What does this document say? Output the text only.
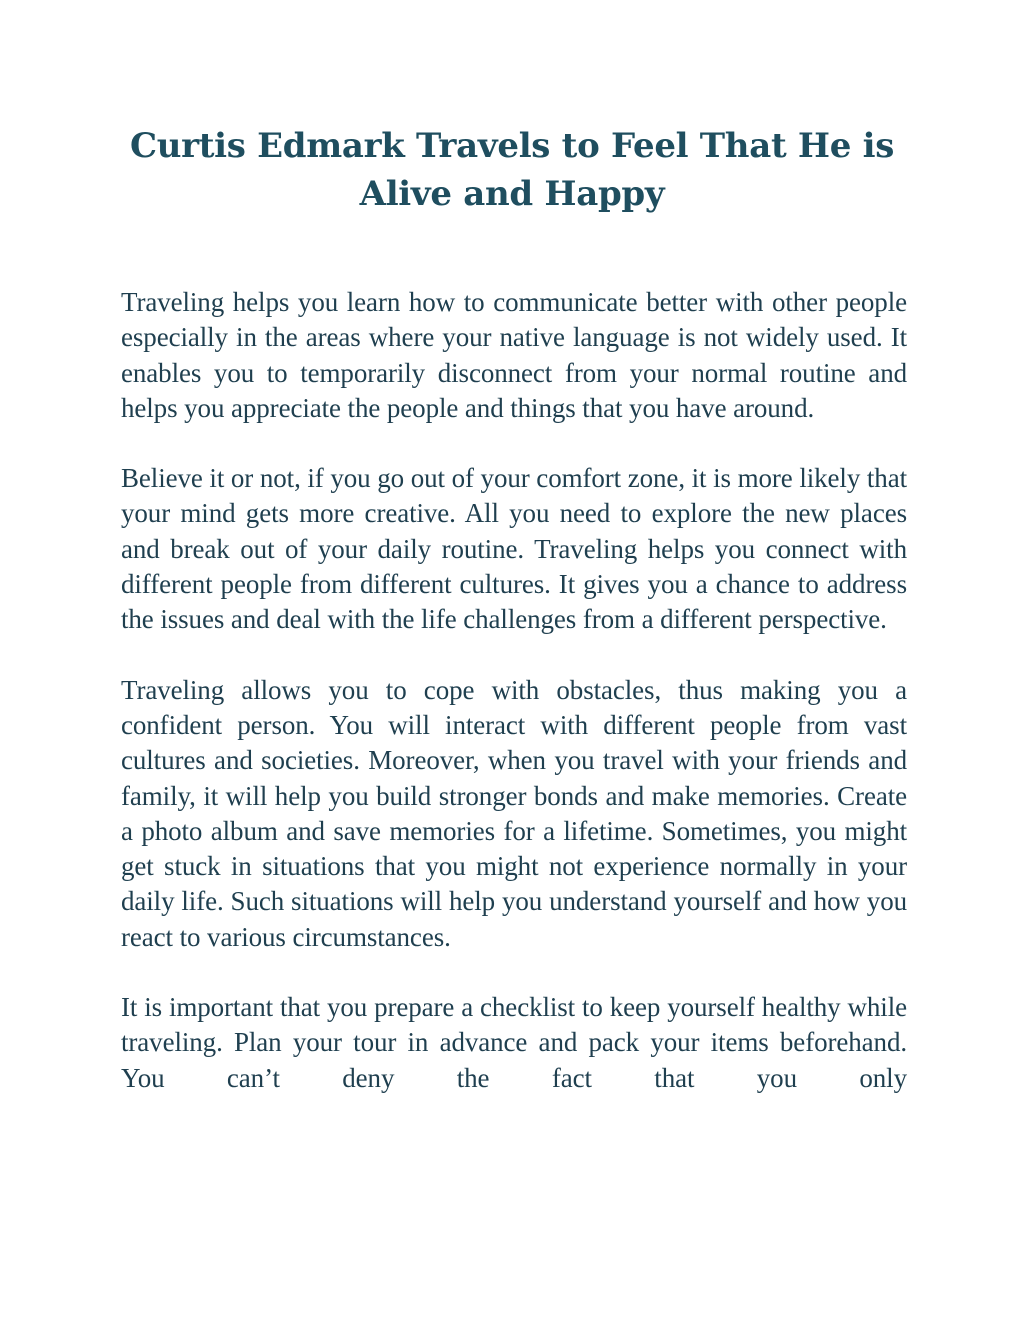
Curtis Edmark Travels to Feel That He is Alive and Happy

Traveling helps you learn how to communicate better with other people especially in the areas where your native language is not widely used. It enables you to temporarily disconnect from your normal routine and helps you appreciate the people and things that you have around.

Believe it or not, if you go out of your comfort zone, it is more likely that your mind gets more creative. All you need to explore the new places and break out of your daily routine. Traveling helps you connect with different people from different cultures. It gives you a chance to address the issues and deal with the life challenges from a different perspective.

Traveling allows you to cope with obstacles, thus making you a confident person. You will interact with different people from vast cultures and societies. Moreover, when you travel with your friends and family, it will help you build stronger bonds and make memories. Create a photo album and save memories for a lifetime. Sometimes, you might get stuck in situations that you might not experience normally in your daily life. Such situations will help you understand yourself and how you react to various circumstances.

It is important that you prepare a checklist to keep yourself healthy while traveling. Plan your tour in advance and pack your items beforehand. You can’t deny the fact that you only
